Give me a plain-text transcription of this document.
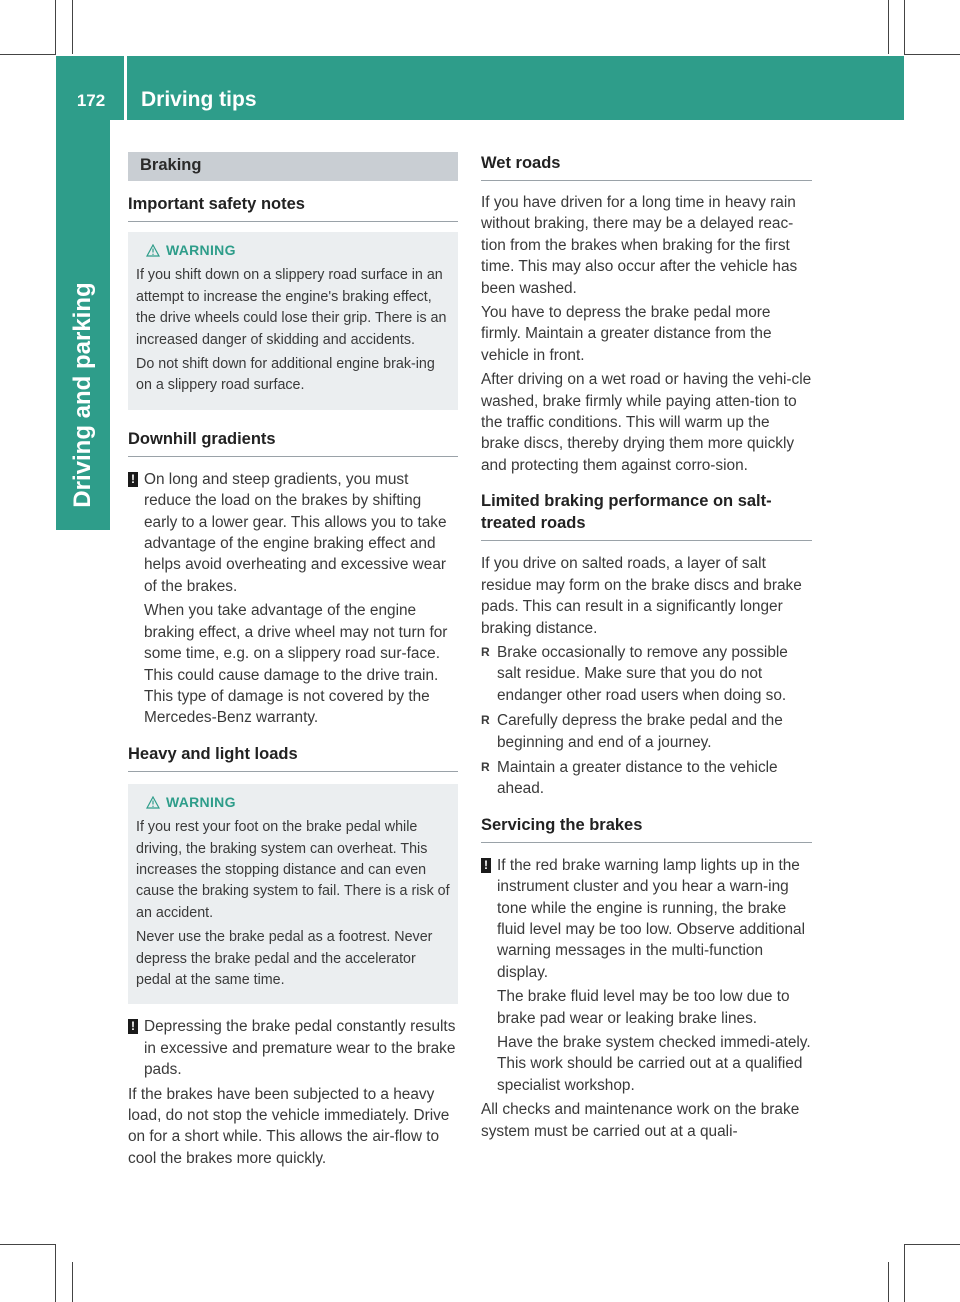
172	Driving tips
Driving and parking
Braking
Important safety notes
WARNING

If you shift down on a slippery road surface in an attempt to increase the engine's braking effect, the drive wheels could lose their grip. There is an increased danger of skidding and accidents.

Do not shift down for additional engine brak-ing on a slippery road surface.

Downhill gradients
! On long and steep gradients, you must reduce the load on the brakes by shifting early to a lower gear. This allows you to take advantage of the engine braking effect and helps avoid overheating and excessive wear of the brakes.

When you take advantage of the engine braking effect, a drive wheel may not turn for some time, e.g. on a slippery road sur-face. This could cause damage to the drive train. This type of damage is not covered by the Mercedes-Benz warranty.

Heavy and light loads
WARNING

If you rest your foot on the brake pedal while driving, the braking system can overheat. This increases the stopping distance and can even cause the braking system to fail. There is a risk of an accident.

Never use the brake pedal as a footrest. Never depress the brake pedal and the accelerator pedal at the same time.

! Depressing the brake pedal constantly results in excessive and premature wear to the brake pads.

If the brakes have been subjected to a heavy load, do not stop the vehicle immediately. Drive on for a short while. This allows the air-flow to cool the brakes more quickly.

Wet roads

If you have driven for a long time in heavy rain without braking, there may be a delayed reac-tion from the brakes when braking for the first time. This may also occur after the vehicle has been washed.

You have to depress the brake pedal more firmly. Maintain a greater distance from the vehicle in front.

After driving on a wet road or having the vehi-cle washed, brake firmly while paying atten-tion to the traffic conditions. This will warm up the brake discs, thereby drying them more quickly and protecting them against corro-sion.

Limited braking performance on salt-treated roads

If you drive on salted roads, a layer of salt residue may form on the brake discs and brake pads. This can result in a significantly longer braking distance.

R Brake occasionally to remove any possible salt residue. Make sure that you do not endanger other road users when doing so.
R Carefully depress the brake pedal and the beginning and end of a journey.
R Maintain a greater distance to the vehicle ahead.
Servicing the brakes
! If the red brake warning lamp lights up in the instrument cluster and you hear a warn-ing tone while the engine is running, the brake fluid level may be too low. Observe additional warning messages in the multi-function display.

The brake fluid level may be too low due to brake pad wear or leaking brake lines.

Have the brake system checked immedi-ately. This work should be carried out at a qualified specialist workshop.

All checks and maintenance work on the brake system must be carried out at a quali-
